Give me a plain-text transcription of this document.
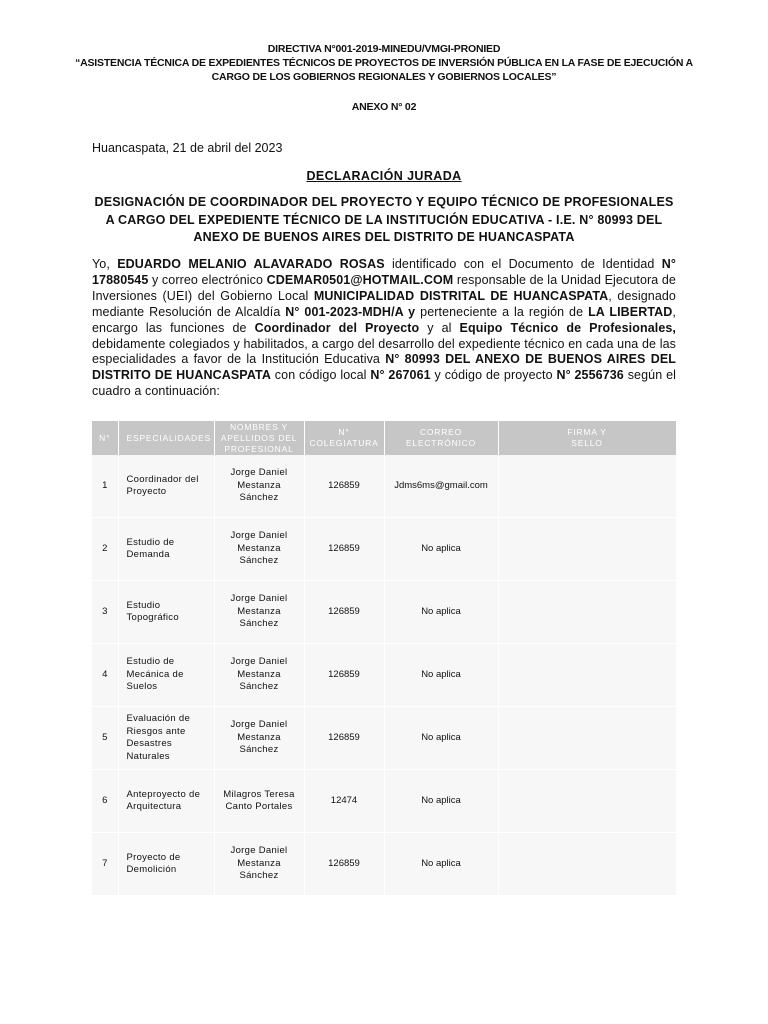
DIRECTIVA N°001-2019-MINEDU/VMGI-PRONIED
“ASISTENCIA TÉCNICA DE EXPEDIENTES TÉCNICOS DE PROYECTOS DE INVERSIÓN PÚBLICA EN LA FASE DE EJECUCIÓN A
CARGO DE LOS GOBIERNOS REGIONALES Y GOBIERNOS LOCALES”
ANEXO N° 02
Huancaspata, 21 de abril del 2023
DECLARACIÓN JURADA
DESIGNACIÓN DE COORDINADOR DEL PROYECTO Y EQUIPO TÉCNICO DE PROFESIONALES A CARGO DEL EXPEDIENTE TÉCNICO DE LA INSTITUCIÓN EDUCATIVA - I.E. N° 80993 DEL ANEXO DE BUENOS AIRES DEL DISTRITO DE HUANCASPATA
Yo, EDUARDO MELANIO ALAVARADO ROSAS identificado con el Documento de Identidad N° 17880545 y correo electrónico CDEMAR0501@HOTMAIL.COM responsable de la Unidad Ejecutora de Inversiones (UEI) del Gobierno Local MUNICIPALIDAD DISTRITAL DE HUANCASPATA, designado mediante Resolución de Alcaldía N° 001-2023-MDH/A y perteneciente a la región de LA LIBERTAD, encargo las funciones de Coordinador del Proyecto y al Equipo Técnico de Profesionales, debidamente colegiados y habilitados, a cargo del desarrollo del expediente técnico en cada una de las especialidades a favor de la Institución Educativa N° 80993 DEL ANEXO DE BUENOS AIRES DEL DISTRITO DE HUANCASPATA con código local N° 267061 y código de proyecto N° 2556736 según el cuadro a continuación:
N°	ESPECIALIDADES	NOMBRES Y APELLIDOS DEL PROFESIONAL	N° COLEGIATURA	CORREO ELECTRÓNICO	FIRMA Y SELLO
1	Coordinador del Proyecto	Jorge Daniel Mestanza Sánchez	126859	Jdms6ms@gmail.com	
2	Estudio de Demanda	Jorge Daniel Mestanza Sánchez	126859	No aplica	
3	Estudio Topográfico	Jorge Daniel Mestanza Sánchez	126859	No aplica	
4	Estudio de Mecánica de Suelos	Jorge Daniel Mestanza Sánchez	126859	No aplica	
5	Evaluación de Riesgos ante Desastres Naturales	Jorge Daniel Mestanza Sánchez	126859	No aplica	
6	Anteproyecto de Arquitectura	Milagros Teresa Canto Portales	12474	No aplica	
7	Proyecto de Demolición	Jorge Daniel Mestanza Sánchez	126859	No aplica	
